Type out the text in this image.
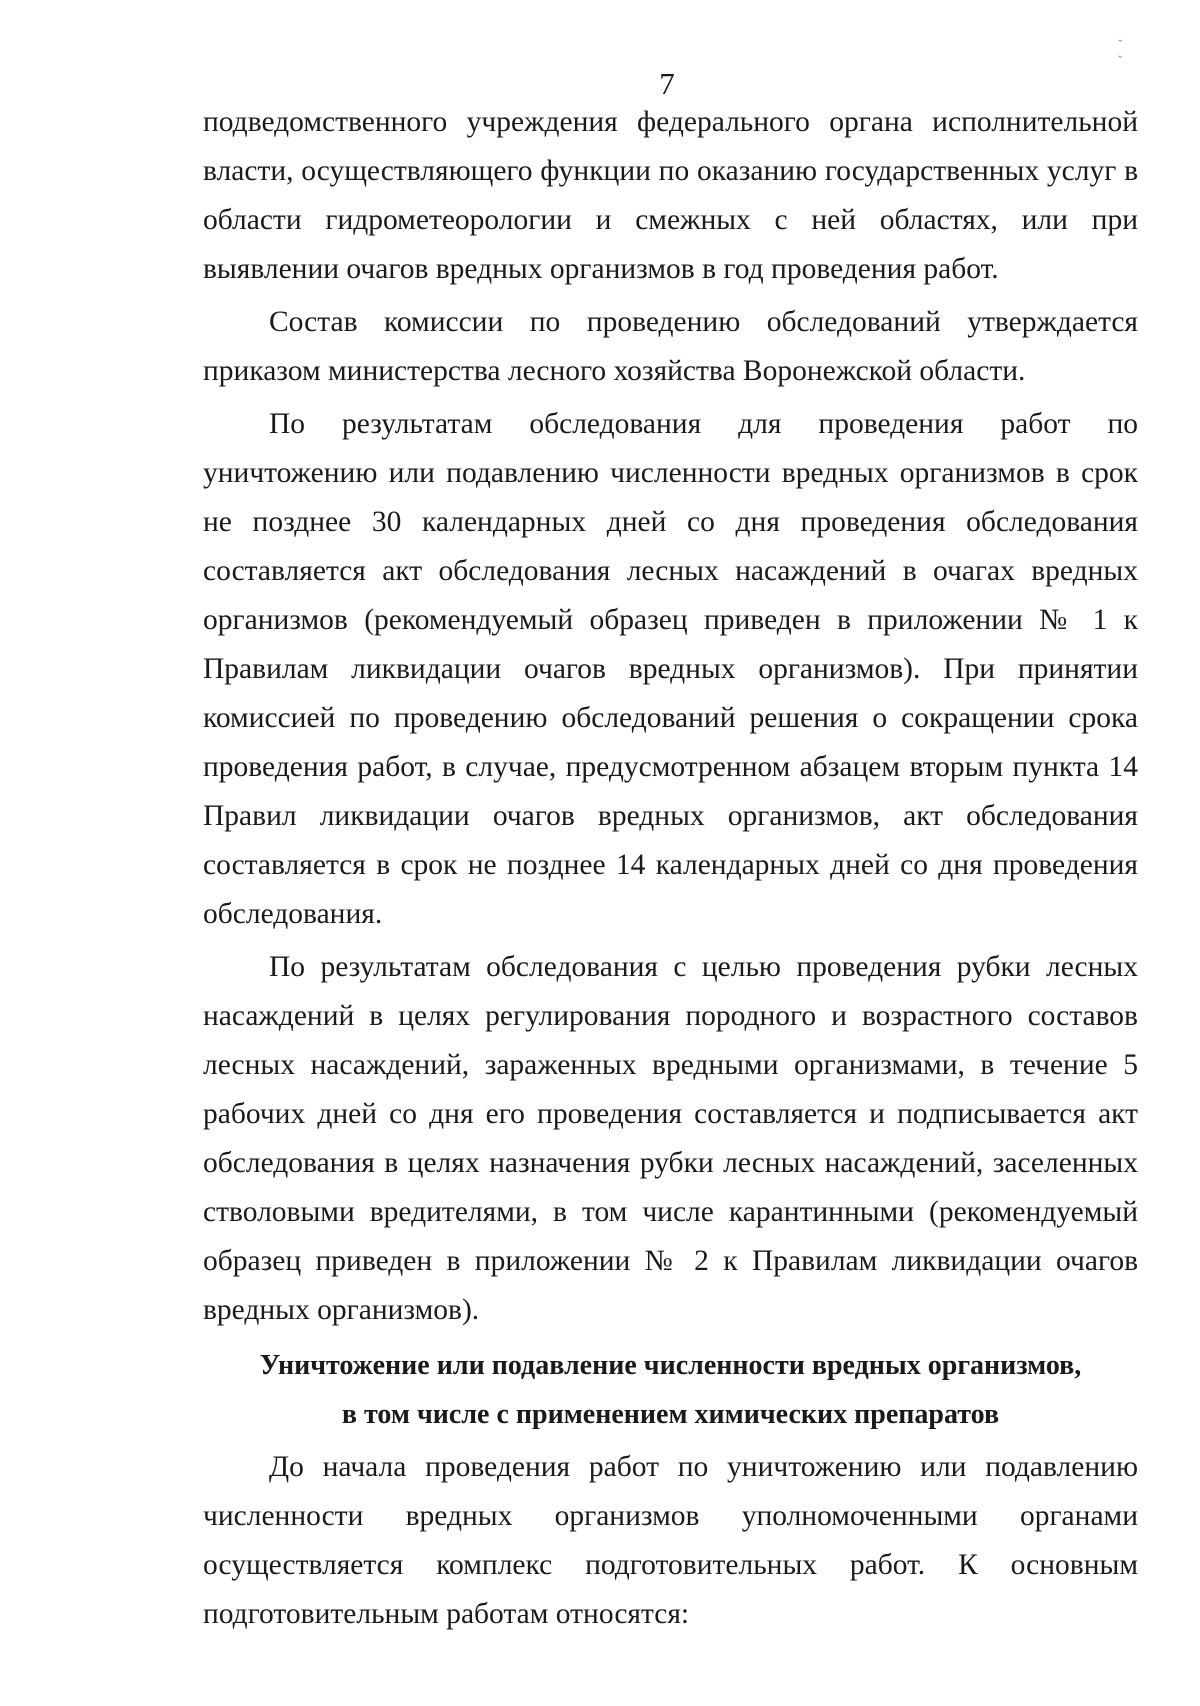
˘ ˇ
7

подведомственного учреждения федерального органа исполнительной власти, осуществляющего функции по оказанию государственных услуг в области гидрометеорологии и смежных с ней областях, или при выявлении очагов вредных организмов в год проведения работ.

Состав комиссии по проведению обследований утверждается приказом министерства лесного хозяйства Воронежской области.

По результатам обследования для проведения работ по уничтожению или подавлению численности вредных организмов в срок не позднее 30 календарных дней со дня проведения обследования составляется акт обследования лесных насаждений в очагах вредных организмов (рекомендуемый образец приведен в приложении № 1 к Правилам ликвидации очагов вредных организмов). При принятии комиссией по проведению обследований решения о сокращении срока проведения работ, в случае, предусмотренном абзацем вторым пункта 14 Правил ликвидации очагов вредных организмов, акт обследования составляется в срок не позднее 14 календарных дней со дня проведения обследования.

По результатам обследования с целью проведения рубки лесных насаждений в целях регулирования породного и возрастного составов лесных насаждений, зараженных вредными организмами, в течение 5 рабочих дней со дня его проведения составляется и подписывается акт обследования в целях назначения рубки лесных насаждений, заселенных стволовыми вредителями, в том числе карантинными (рекомендуемый образец приведен в приложении № 2 к Правилам ликвидации очагов вредных организмов).

Уничтожение или подавление численности вредных организмов,
в том числе с применением химических препаратов

До начала проведения работ по уничтожению или подавлению численности вредных организмов уполномоченными органами осуществляется комплекс подготовительных работ. К основным подготовительным работам относятся:
